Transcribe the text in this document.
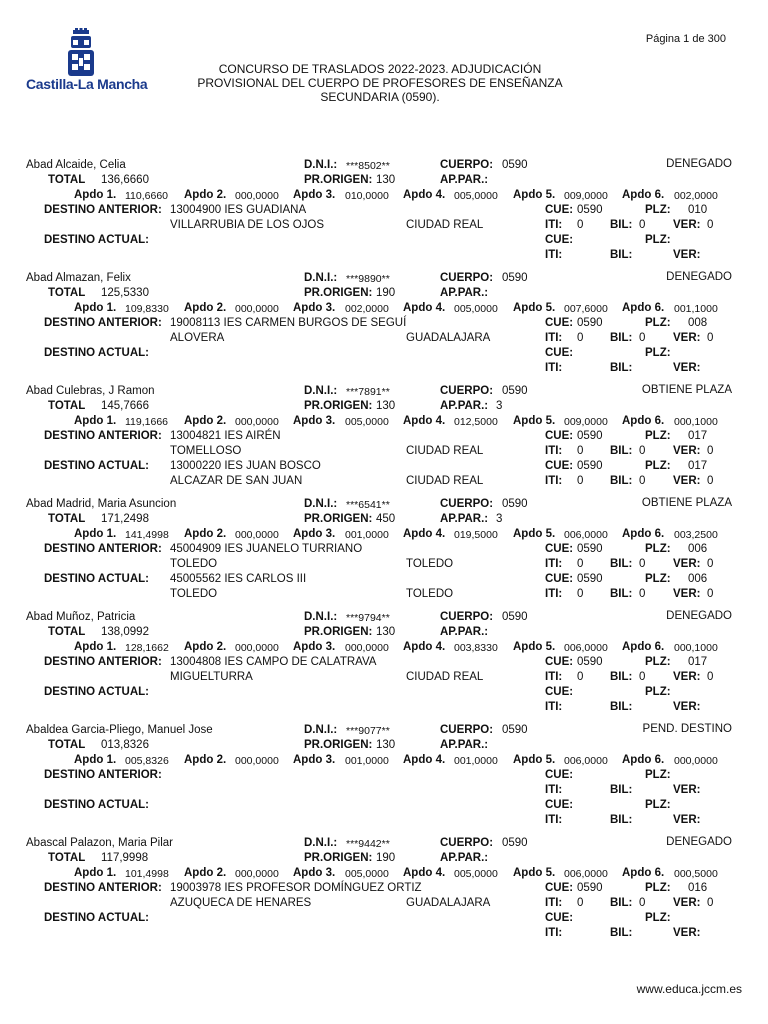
Página 1 de 300
Castilla-La Mancha
CONCURSO DE TRASLADOS 2022-2023. ADJUDICACIÓN
PROVISIONAL DEL CUERPO DE PROFESORES DE ENSEÑANZA
SECUNDARIA (0590).
Abad Alcaide, Celia	D.N.I.: ***8502**	CUERPO: 0590	DENEGADO
TOTAL 136,6660	PR.ORIGEN: 130	AP.PAR.:
Apdo 1. 110,6660 Apdo 2. 000,0000 Apdo 3. 010,0000 Apdo 4. 005,0000 Apdo 5. 009,0000 Apdo 6. 002,0000
DESTINO ANTERIOR: 13004900 IES GUADIANA
VILLARRUBIA DE LOS OJOS	CIUDAD REAL
CUE: 0590	PLZ: 010
ITI: 0 BIL: 0 VER: 0
DESTINO ACTUAL:	CUE:	PLZ:
ITI:	BIL:	VER:
Abad Almazan, Felix	D.N.I.: ***9890**	CUERPO: 0590	DENEGADO
TOTAL 125,5330	PR.ORIGEN: 190	AP.PAR.:
Apdo 1. 109,8330 Apdo 2. 000,0000 Apdo 3. 002,0000 Apdo 4. 005,0000 Apdo 5. 007,6000 Apdo 6. 001,1000
DESTINO ANTERIOR: 19008113 IES CARMEN BURGOS DE SEGUÍ
ALOVERA	GUADALAJARA
CUE: 0590	PLZ: 008
ITI: 0 BIL: 0 VER: 0
DESTINO ACTUAL:	CUE:	PLZ:
ITI:	BIL:	VER:
Abad Culebras, J Ramon	D.N.I.: ***7891**	CUERPO: 0590	OBTIENE PLAZA
TOTAL 145,7666	PR.ORIGEN: 130	AP.PAR.: 3
Apdo 1. 119,1666 Apdo 2. 000,0000 Apdo 3. 005,0000 Apdo 4. 012,5000 Apdo 5. 009,0000 Apdo 6. 000,1000
DESTINO ANTERIOR: 13004821 IES AIRÉN
TOMELLOSO	CIUDAD REAL
CUE: 0590	PLZ: 017
ITI: 0 BIL: 0 VER: 0
DESTINO ACTUAL: 13000220 IES JUAN BOSCO
ALCAZAR DE SAN JUAN	CIUDAD REAL
CUE: 0590	PLZ: 017
ITI: 0 BIL: 0 VER: 0
Abad Madrid, Maria Asuncion	D.N.I.: ***6541**	CUERPO: 0590	OBTIENE PLAZA
TOTAL 171,2498	PR.ORIGEN: 450	AP.PAR.: 3
Apdo 1. 141,4998 Apdo 2. 000,0000 Apdo 3. 001,0000 Apdo 4. 019,5000 Apdo 5. 006,0000 Apdo 6. 003,2500
DESTINO ANTERIOR: 45004909 IES JUANELO TURRIANO
TOLEDO	TOLEDO
CUE: 0590	PLZ: 006
ITI: 0 BIL: 0 VER: 0
DESTINO ACTUAL: 45005562 IES CARLOS III
TOLEDO	TOLEDO
CUE: 0590	PLZ: 006
ITI: 0 BIL: 0 VER: 0
Abad Muñoz, Patricia	D.N.I.: ***9794**	CUERPO: 0590	DENEGADO
TOTAL 138,0992	PR.ORIGEN: 130	AP.PAR.:
Apdo 1. 128,1662 Apdo 2. 000,0000 Apdo 3. 000,0000 Apdo 4. 003,8330 Apdo 5. 006,0000 Apdo 6. 000,1000
DESTINO ANTERIOR: 13004808 IES CAMPO DE CALATRAVA
MIGUELTURRA	CIUDAD REAL
CUE: 0590	PLZ: 017
ITI: 0 BIL: 0 VER: 0
DESTINO ACTUAL:	CUE:	PLZ:
ITI:	BIL:	VER:
Abaldea Garcia-Pliego, Manuel Jose	D.N.I.: ***9077**	CUERPO: 0590	PEND. DESTINO
TOTAL 013,8326	PR.ORIGEN: 130	AP.PAR.:
Apdo 1. 005,8326 Apdo 2. 000,0000 Apdo 3. 001,0000 Apdo 4. 001,0000 Apdo 5. 006,0000 Apdo 6. 000,0000
DESTINO ANTERIOR:	CUE:	PLZ:
ITI:	BIL:	VER:
DESTINO ACTUAL:	CUE:	PLZ:
ITI:	BIL:	VER:
Abascal Palazon, Maria Pilar	D.N.I.: ***9442**	CUERPO: 0590	DENEGADO
TOTAL 117,9998	PR.ORIGEN: 190	AP.PAR.:
Apdo 1. 101,4998 Apdo 2. 000,0000 Apdo 3. 005,0000 Apdo 4. 005,0000 Apdo 5. 006,0000 Apdo 6. 000,5000
DESTINO ANTERIOR: 19003978 IES PROFESOR DOMÍNGUEZ ORTIZ
AZUQUECA DE HENARES	GUADALAJARA
CUE: 0590	PLZ: 016
ITI: 0 BIL: 0 VER: 0
DESTINO ACTUAL:	CUE:	PLZ:
ITI:	BIL:	VER:
www.educa.jccm.es
